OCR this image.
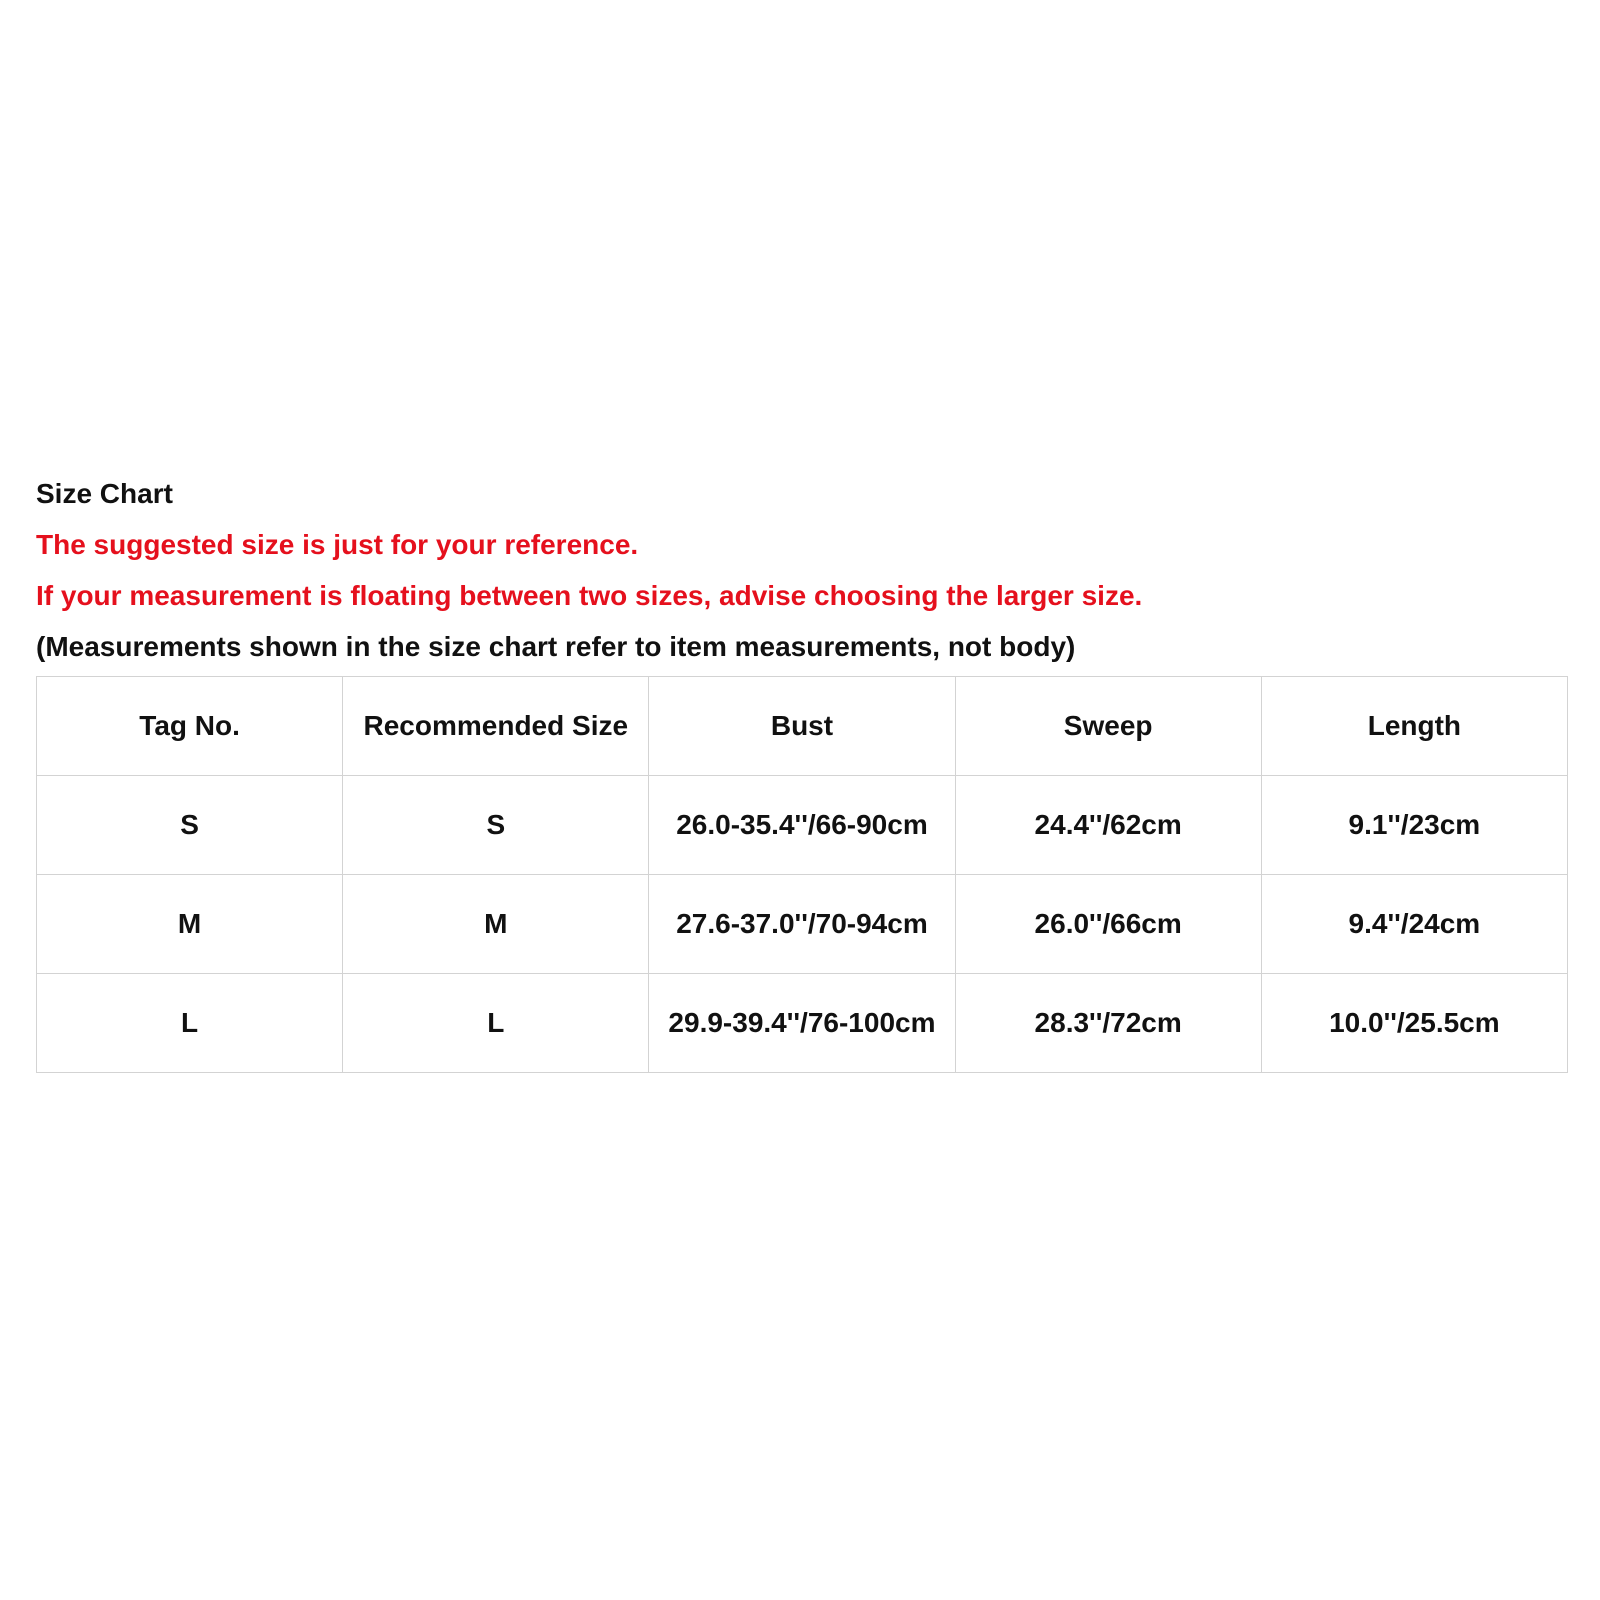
Size Chart
The suggested size is just for your reference.
If your measurement is floating between two sizes, advise choosing the larger size.
(Measurements shown in the size chart refer to item measurements, not body)
Tag No.	Recommended Size	Bust	Sweep	Length
S	S	26.0-35.4''/66-90cm	24.4''/62cm	9.1''/23cm
M	M	27.6-37.0''/70-94cm	26.0''/66cm	9.4''/24cm
L	L	29.9-39.4''/76-100cm	28.3''/72cm	10.0''/25.5cm
